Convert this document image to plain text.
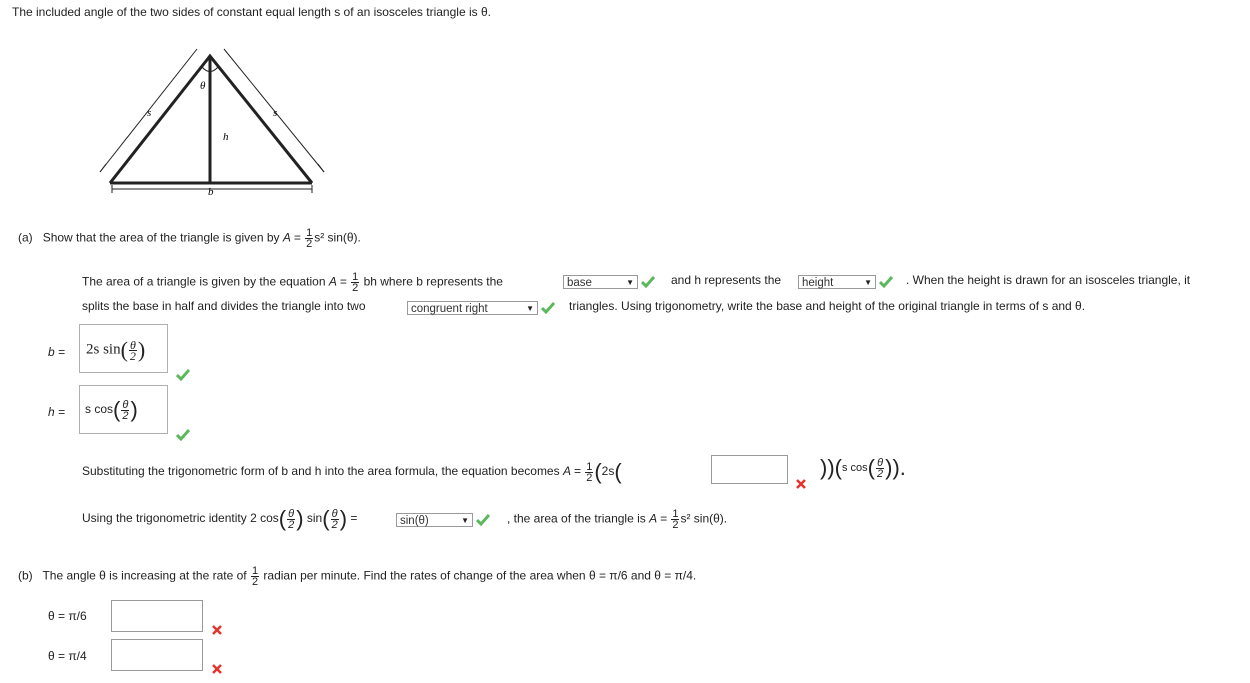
The included angle of the two sides of constant equal length s of an isosceles triangle is θ.
θ
s	s
h
b
(a) Show that the area of the triangle is given by $A = \frac{1}{2} s^2$ sin(θ).
The area of a triangle is given by the equation $A = \frac{1}{2}$ bh where b represents the	base	▼
	and h represents the	height	▼
	. When the height is drawn for an isosceles triangle, it
splits the base in half and divides the triangle into two	congruent right	▼
	triangles. Using trigonometry, write the base and height of the original triangle in terms of s and θ.
b = 2s $\sin( \frac{\theta}{2}$ )
h = s $\cos( \frac{\theta}{2}$ )
Substituting the trigonometric form of b and h into the area formula, the equation becomes $A = \frac{1}{2} (2s$(	))(s $\cos( \frac{\theta}{2}$ )).
Using the trigonometric identity 2 $\cos( \frac{\theta}{2}$ ) $\sin( \frac{\theta}{2}$ ) =	sin(θ)	▼
	, the area of the triangle is $A = \frac{1}{2} s^2$ sin(θ).
(b) The angle θ is increasing at the rate of $\frac{1}{2}$ radian per minute. Find the rates of change of the area when θ = π/6 and θ = π/4.
θ = π/6
θ = π/4
